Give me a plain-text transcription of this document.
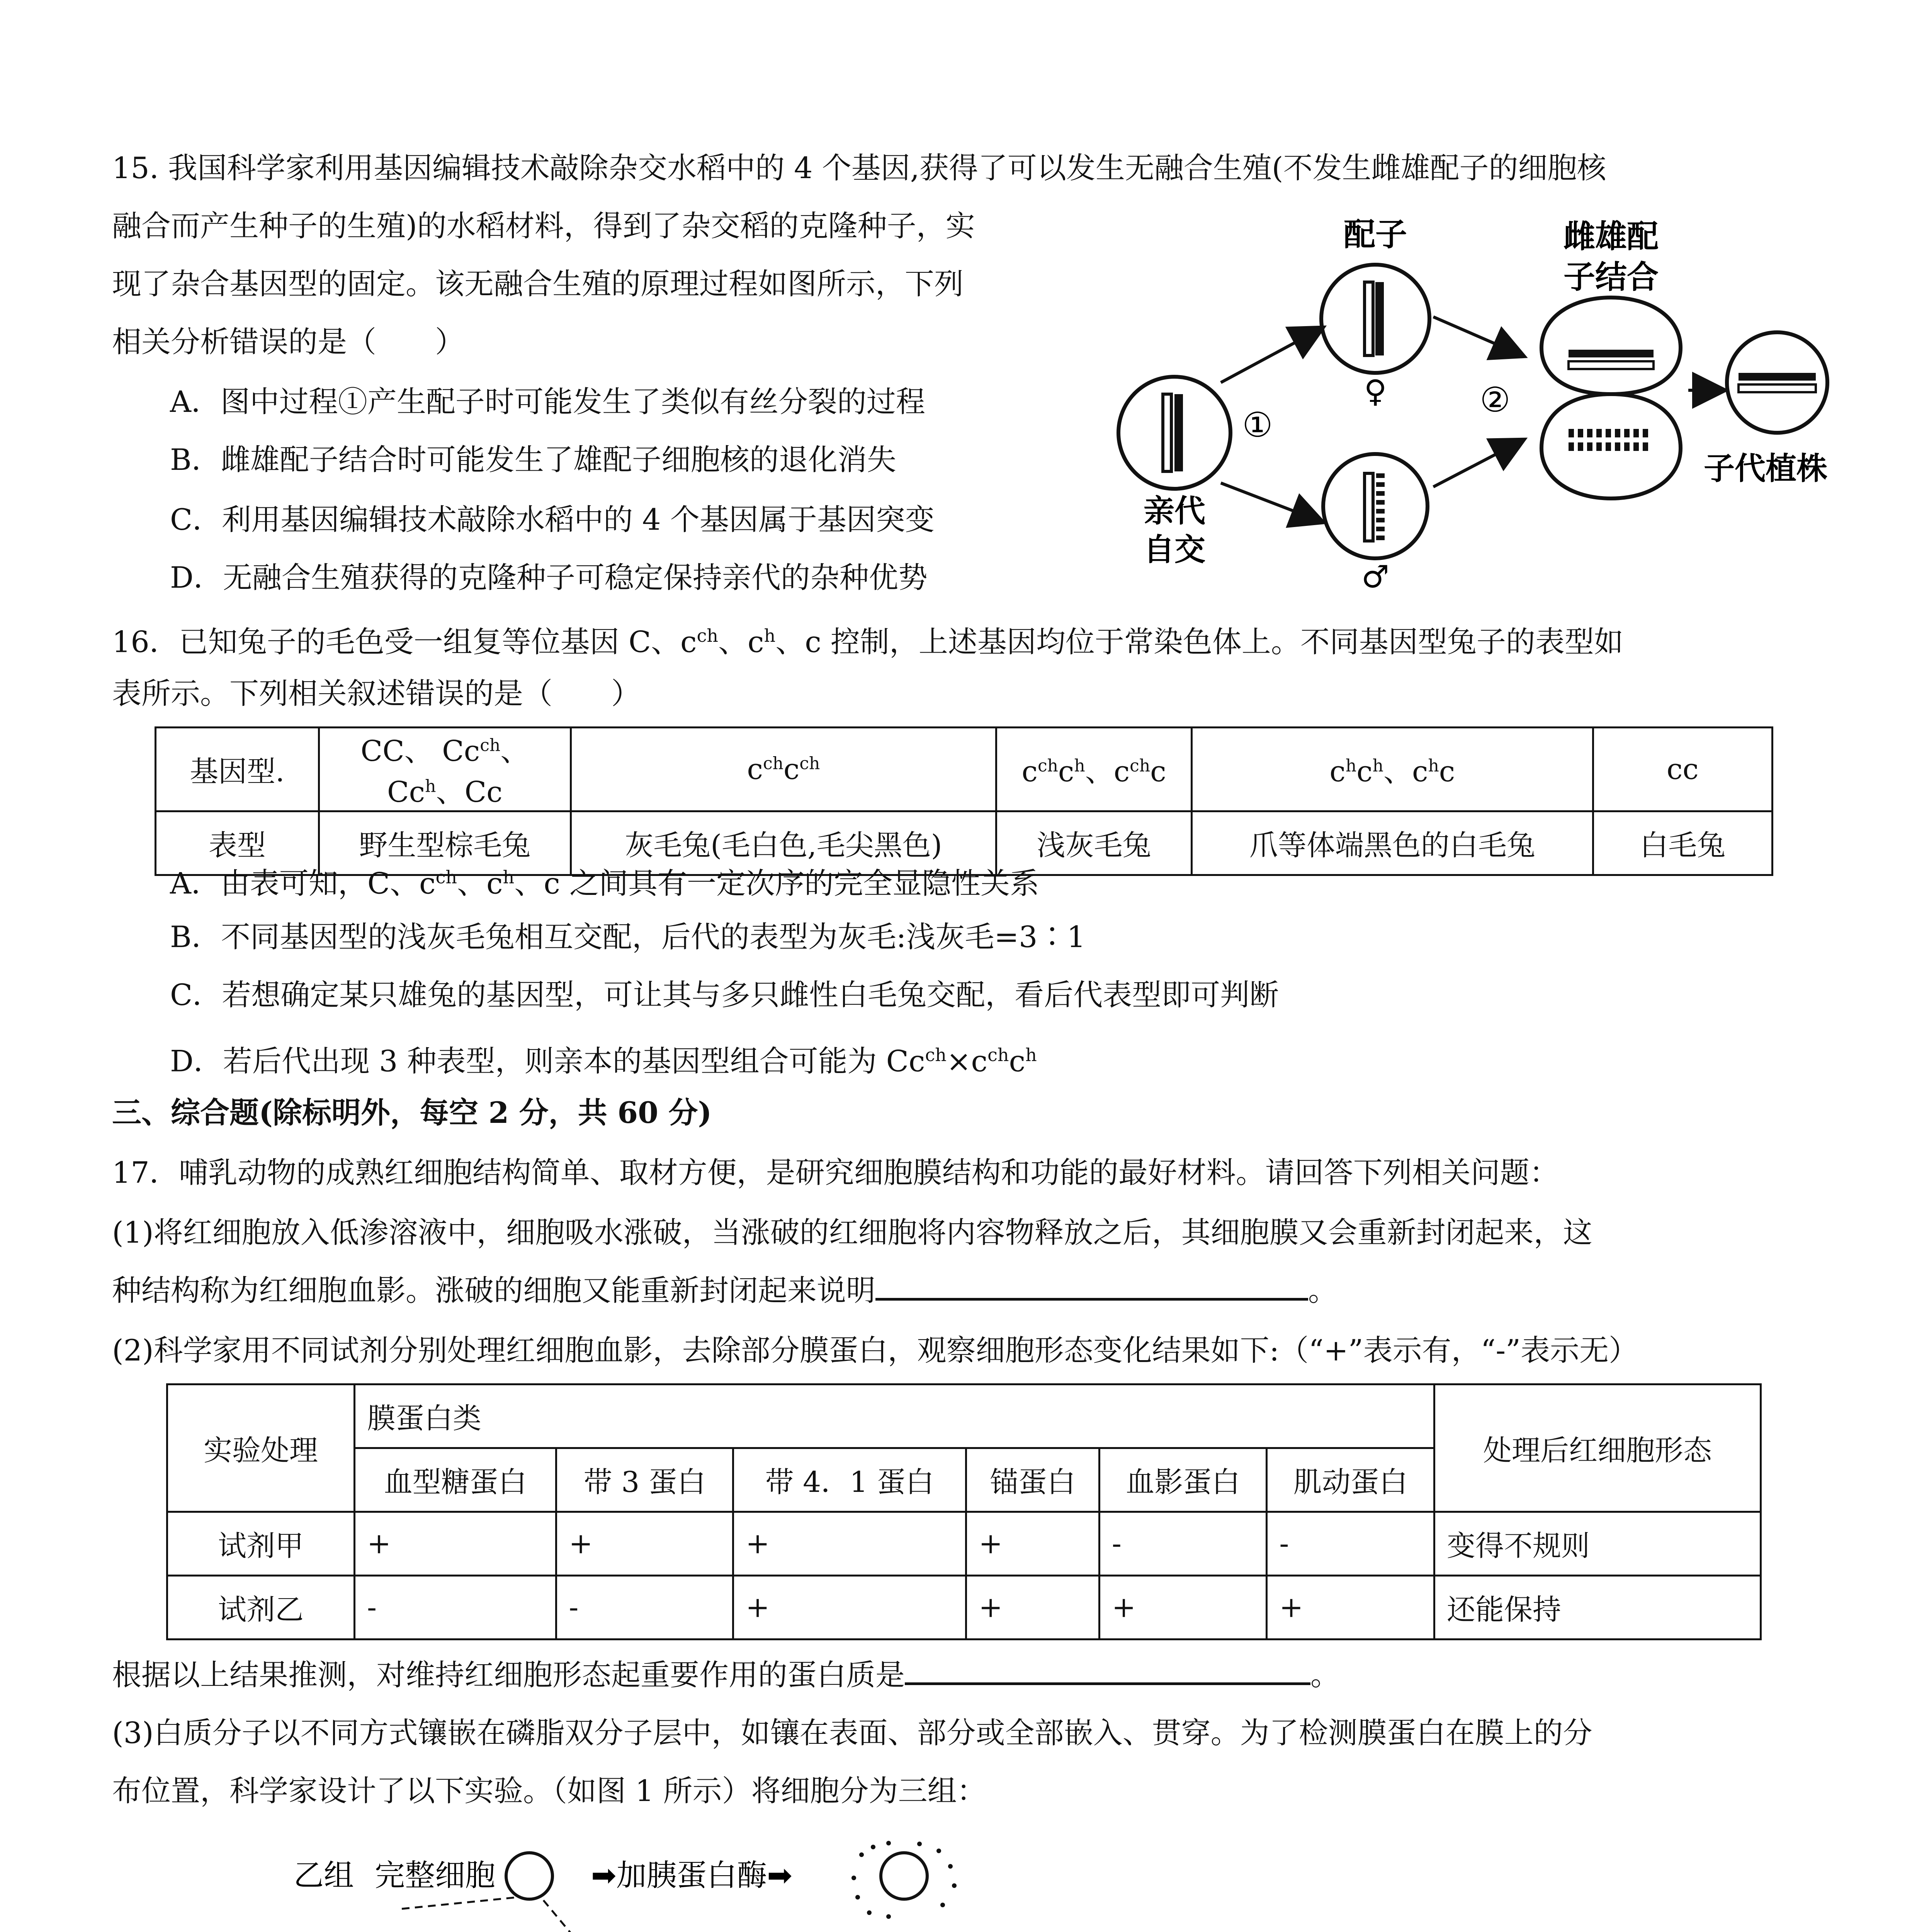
15. 我国科学家利用基因编辑技术敲除杂交水稻中的 4 个基因,获得了可以发生无融合生殖(不发生雌雄配子的细胞核
融合而产生种子的生殖)的水稻材料，得到了杂交稻的克隆种子，实
现了杂合基因型的固定。该无融合生殖的原理过程如图所示，下列
相关分析错误的是（　　）
A．图中过程①产生配子时可能发生了类似有丝分裂的过程
B．雌雄配子结合时可能发生了雄配子细胞核的退化消失
C．利用基因编辑技术敲除水稻中的 4 个基因属于基因突变
D．无融合生殖获得的克隆种子可稳定保持亲代的杂种优势
亲代
自交
①
配子
♀
♂
②
雌雄配
子结合
子代植株
16．已知兔子的毛色受一组复等位基因 C、$c^{ch}$、$c^h$、c 控制，上述基因均位于常染色体上。不同基因型兔子的表型如
表所示。下列相关叙述错误的是（　　）
基因型.	CC、 $Cc^{ch}$、Cc$^h$、Cc	$c^{ch}c^{ch}$	$c^{ch}c^h$、$c^{ch}c$	$c^hc^h$、$c^hc$	cc
表型	野生型棕毛兔	灰毛兔(毛白色,毛尖黑色)	浅灰毛兔	爪等体端黑色的白毛兔	白毛兔
A．由表可知，C、$c^{ch}$、$c^h$、c 之间具有一定次序的完全显隐性关系
B．不同基因型的浅灰毛兔相互交配，后代的表型为灰毛:浅灰毛=3∶1
C．若想确定某只雄兔的基因型，可让其与多只雌性白毛兔交配，看后代表型即可判断
D．若后代出现 3 种表型，则亲本的基因型组合可能为 $Cc^{ch}\times c^{ch}c^h$
三、综合题(除标明外，每空 2 分，共 60 分)
17．哺乳动物的成熟红细胞结构简单、取材方便，是研究细胞膜结构和功能的最好材料。请回答下列相关问题：
(1)将红细胞放入低渗溶液中，细胞吸水涨破，当涨破的红细胞将内容物释放之后，其细胞膜又会重新封闭起来，这
种结构称为红细胞血影。涨破的细胞又能重新封闭起来说明	。
(2)科学家用不同试剂分别处理红细胞血影，去除部分膜蛋白，观察细胞形态变化结果如下:（“+”表示有，“-”表示无）
实验处理	膜蛋白类						处理后红细胞形态
	血型糖蛋白	带 3 蛋白	带 4．1 蛋白	锚蛋白	血影蛋白	肌动蛋白	
试剂甲	+	+	+	+	-	-	变得不规则
试剂乙	-	-	+	+	+	+	还能保持
根据以上结果推测，对维持红细胞形态起重要作用的蛋白质是	。
(3)白质分子以不同方式镶嵌在磷脂双分子层中，如镶在表面、部分或全部嵌入、贯穿。为了检测膜蛋白在膜上的分
布位置，科学家设计了以下实验。（如图 1 所示）将细胞分为三组：
乙组 完整细胞	➡加胰蛋白酶➡
